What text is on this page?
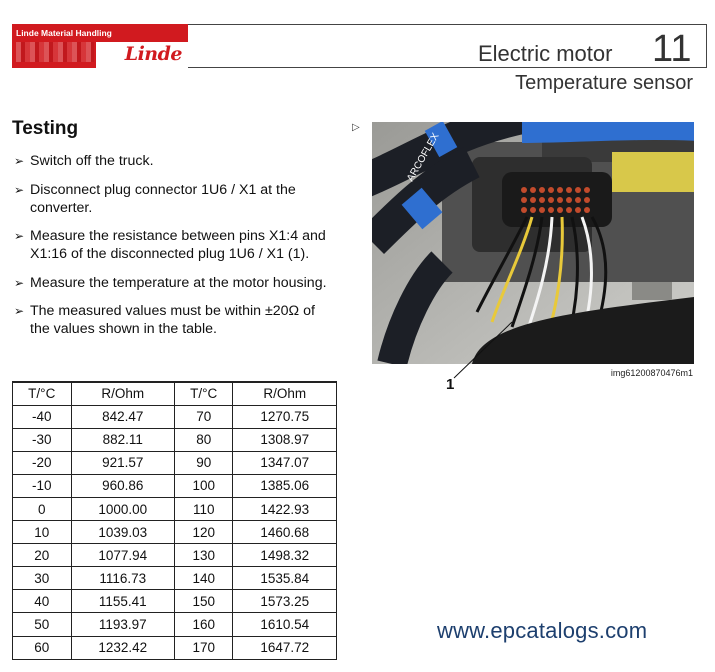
Linde Material Handling
Linde	Electric motor 11
Temperature sensor
Testing
➢ Switch off the truck.
➢ Disconnect plug connector 1U6 / X1 at the converter.
➢ Measure the resistance between pins X1:4 and X1:16 of the disconnected plug 1U6 / X1 (1).
➢ Measure the temperature at the motor housing.
➢ The measured values must be within ±20Ω of the values shown in the table.
T/°C	R/Ohm	T/°C	R/Ohm
-40	842.47	70	1270.75
-30	882.11	80	1308.97
-20	921.57	90	1347.07
-10	960.86	100	1385.06
0	1000.00	110	1422.93
10	1039.03	120	1460.68
20	1077.94	130	1498.32
30	1116.73	140	1535.84
40	1155.41	150	1573.25
50	1193.97	160	1610.54
60	1232.42	170	1647.72
▷
ARCOFLEX
1
img61200870476m1
www.epcatalogs.com
